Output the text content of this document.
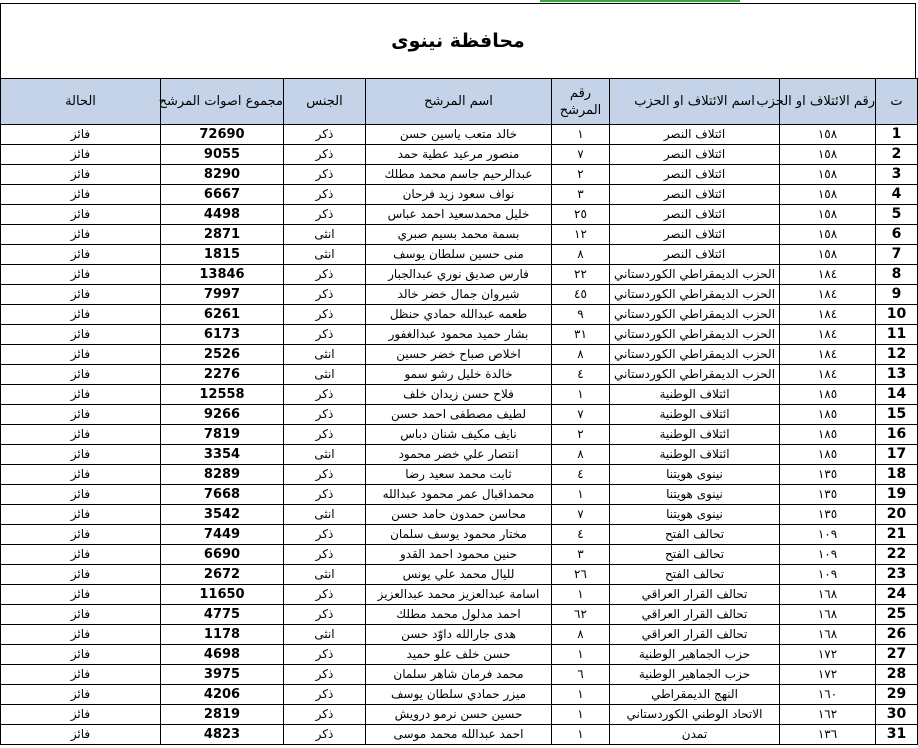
محافظة نينوى
ت	رقم الائتلاف او الحزب	اسم الائتلاف او الحزب	رقم المرشح	اسم المرشح	الجنس	مجموع اصوات المرشح	الحالة
1	١٥٨	ائتلاف النصر	١	خالد متعب ياسين حسن	ذكر	72690	فائز
2	١٥٨	ائتلاف النصر	٧	منصور مرعيد عطية حمد	ذكر	9055	فائز
3	١٥٨	ائتلاف النصر	٢	عبدالرحيم جاسم محمد مطلك	ذكر	8290	فائز
4	١٥٨	ائتلاف النصر	٣	نواف سعود زيد فرحان	ذكر	6667	فائز
5	١٥٨	ائتلاف النصر	٢٥	خليل محمدسعيد احمد عباس	ذكر	4498	فائز
6	١٥٨	ائتلاف النصر	١٢	بسمة محمد بسيم صبري	انثى	2871	فائز
7	١٥٨	ائتلاف النصر	٨	منى حسين سلطان يوسف	انثى	1815	فائز
8	١٨٤	الحزب الديمقراطي الكوردستاني	٢٢	فارس صديق نوري عبدالجبار	ذكر	13846	فائز
9	١٨٤	الحزب الديمقراطي الكوردستاني	٤٥	شيروان جمال خضر خالد	ذكر	7997	فائز
10	١٨٤	الحزب الديمقراطي الكوردستاني	٩	طعمه عبدالله حمادي حنظل	ذكر	6261	فائز
11	١٨٤	الحزب الديمقراطي الكوردستاني	٣١	بشار حميد محمود عبدالغفور	ذكر	6173	فائز
12	١٨٤	الحزب الديمقراطي الكوردستاني	٨	اخلاص صباح خضر حسين	انثى	2526	فائز
13	١٨٤	الحزب الديمقراطي الكوردستاني	٤	خالدة خليل رشو سمو	انثى	2276	فائز
14	١٨٥	ائتلاف الوطنية	١	فلاح حسن زيدان خلف	ذكر	12558	فائز
15	١٨٥	ائتلاف الوطنية	٧	لطيف مصطفى احمد حسن	ذكر	9266	فائز
16	١٨٥	ائتلاف الوطنية	٢	نايف مكيف شنان دباس	ذكر	7819	فائز
17	١٨٥	ائتلاف الوطنية	٨	انتصار علي خضر محمود	انثى	3354	فائز
18	١٣٥	نينوى هويتنا	٤	ثابت محمد سعيد رضا	ذكر	8289	فائز
19	١٣٥	نينوى هويتنا	١	محمداقبال عمر محمود عبدالله	ذكر	7668	فائز
20	١٣٥	نينوى هويتنا	٧	محاسن حمدون حامد حسن	انثى	3542	فائز
21	١٠٩	تحالف الفتح	٤	مختار محمود يوسف سلمان	ذكر	7449	فائز
22	١٠٩	تحالف الفتح	٣	حنين محمود احمد القدو	ذكر	6690	فائز
23	١٠٩	تحالف الفتح	٢٦	لليال محمد علي يونس	انثى	2672	فائز
24	١٦٨	تحالف القرار العراقي	١	اسامة عبدالعزيز محمد عبدالعزيز	ذكر	11650	فائز
25	١٦٨	تحالف القرار العراقي	٦٢	احمد مدلول محمد مطلك	ذكر	4775	فائز
26	١٦٨	تحالف القرار العراقي	٨	هدى جارالله داوّد حسن	انثى	1178	فائز
27	١٧٢	حزب الجماهير الوطنية	١	حسن خلف علو حميد	ذكر	4698	فائز
28	١٧٢	حزب الجماهير الوطنية	٦	محمد فرمان شاهر سلمان	ذكر	3975	فائز
29	١٦٠	النهج الديمقراطي	١	ميزر حمادي سلطان يوسف	ذكر	4206	فائز
30	١٦٢	الاتحاد الوطني الكوردستاني	١	حسين حسن نرمو درويش	ذكر	2819	فائز
31	١٣٦	تمدن	١	احمد عبدالله محمد موسى	ذكر	4823	فائز
